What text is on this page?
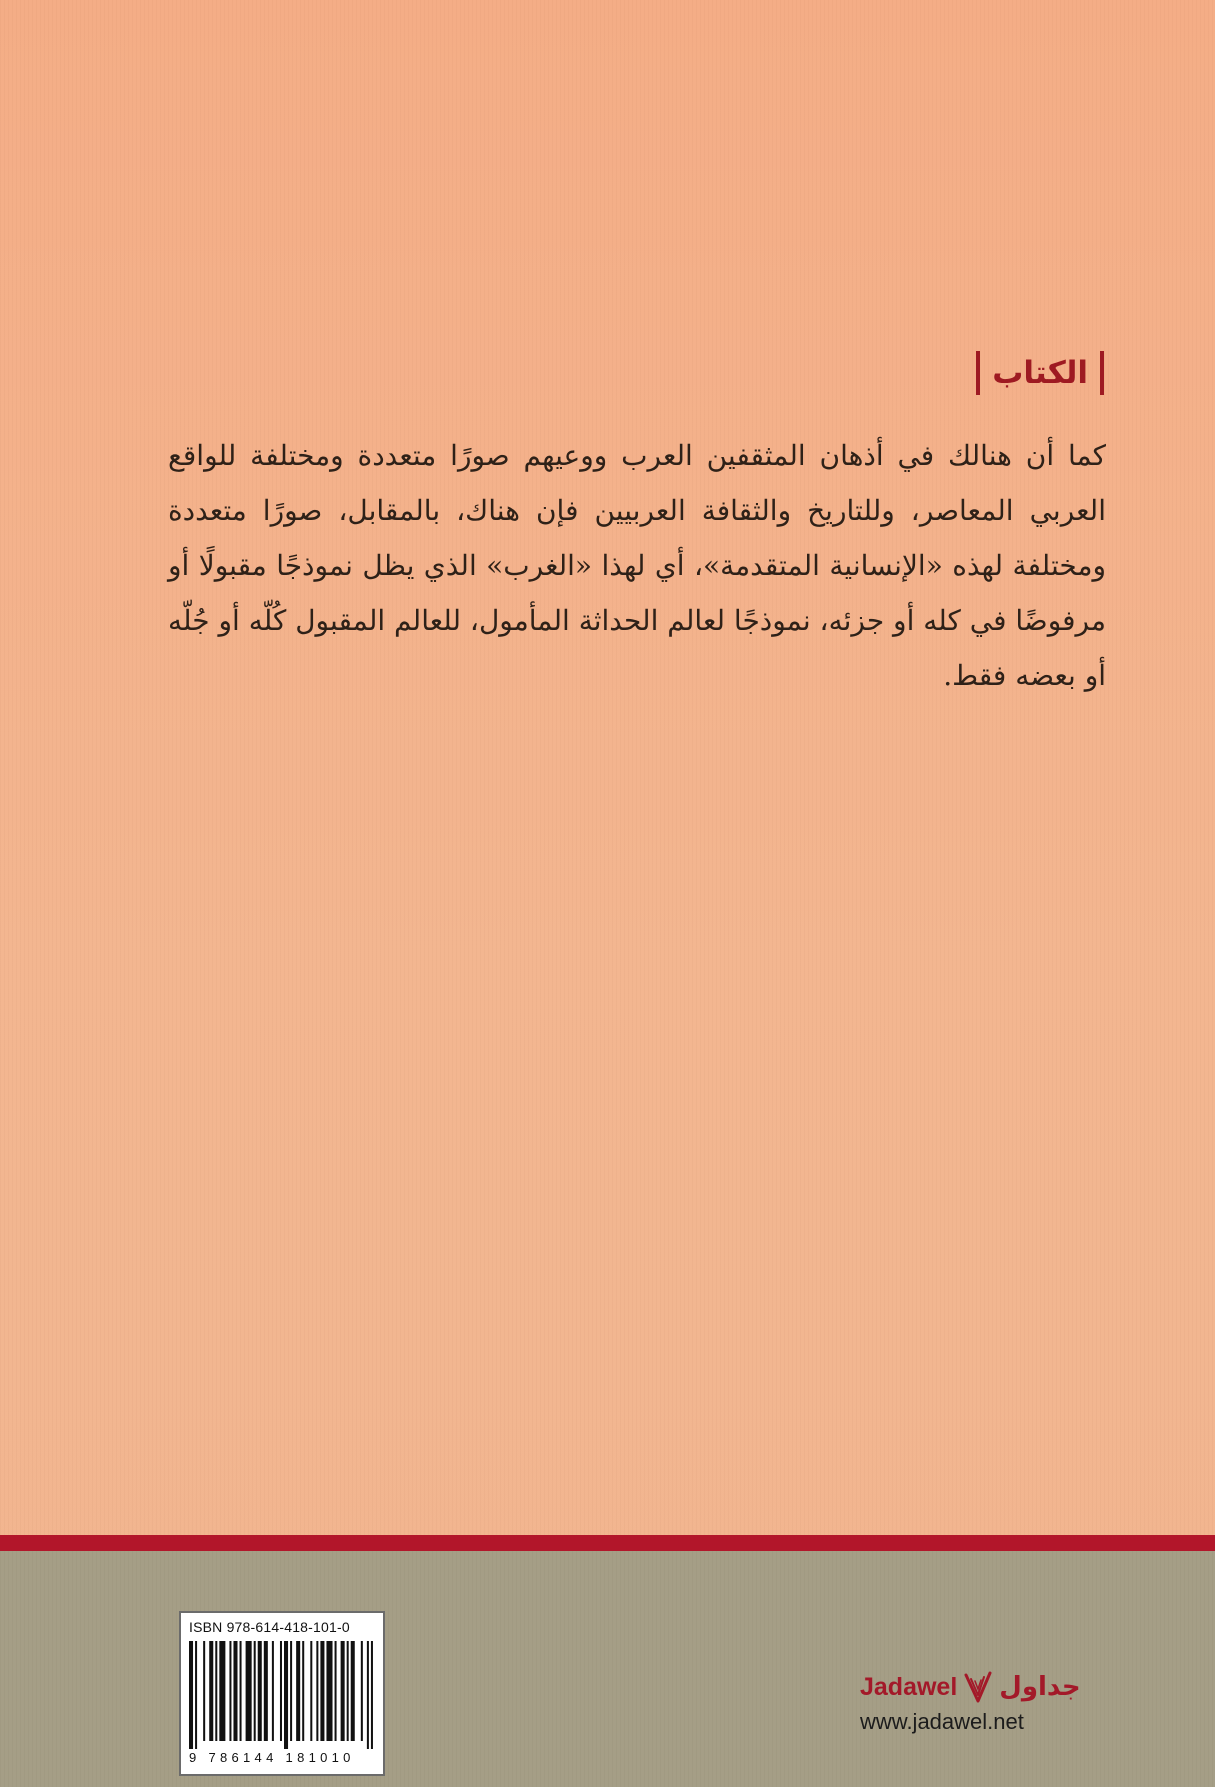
الكتاب

كما أن هنالك في أذهان المثقفين العرب ووعيهم صورًا متعددة ومختلفة للواقع العربي المعاصر، وللتاريخ والثقافة العربيين فإن هناك، بالمقابل، صورًا متعددة ومختلفة لهذه «الإنسانية المتقدمة»، أي لهذا «الغرب» الذي يظل نموذجًا مقبولًا أو مرفوضًا في كله أو جزئه، نموذجًا لعالم الحداثة المأمول، للعالم المقبول كُلّه أو جُلّه أو بعضه فقط.

ISBN 978-614-418-101-0
9 786144 181010
Jadawel جداول
www.jadawel.net
